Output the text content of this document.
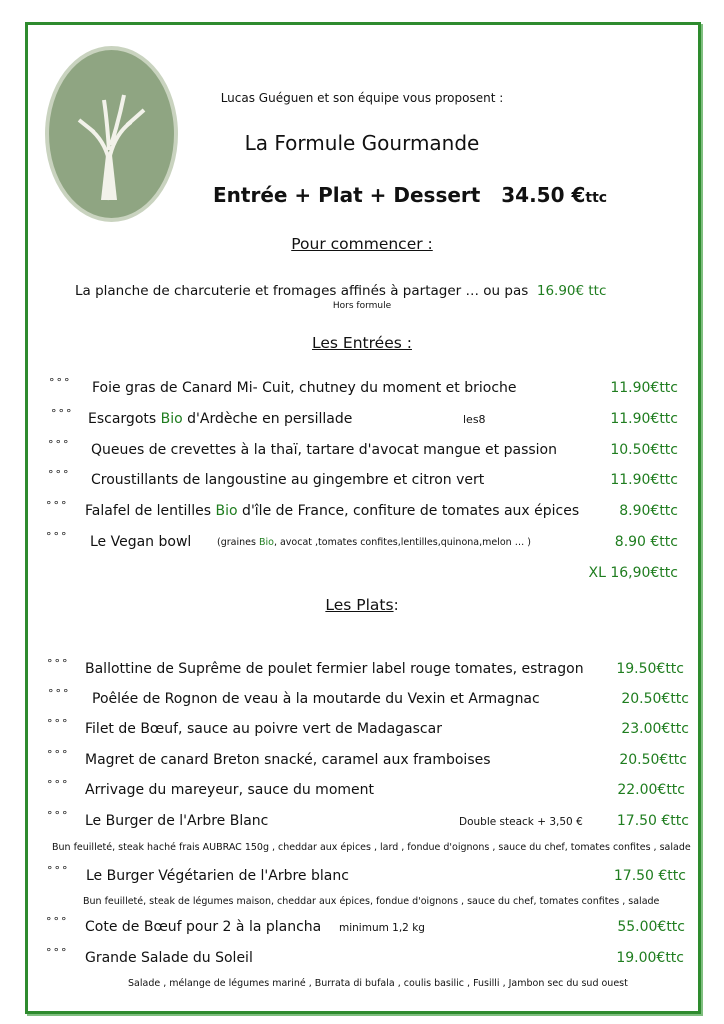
Lucas Guéguen et son équipe vous proposent :
La Formule Gourmande
Entrée + Plat + Dessert 34.50 €ttc
Pour commencer :
La planche de charcuterie et fromages affinés à partager … ou pas 16.90€ ttc
Hors formule
Les Entrées :
°°° Foie gras de Canard Mi- Cuit, chutney du moment et brioche	11.90€ttc
°°° Escargots Bio d'Ardèche en persillade	les8	11.90€ttc
°°° Queues de crevettes à la thaï, tartare d'avocat mangue et passion	10.50€ttc
°°° Croustillants de langoustine au gingembre et citron vert	11.90€ttc
°°° Falafel de lentilles Bio d'île de France, confiture de tomates aux épices	8.90€ttc
°°° Le Vegan bowl	(graines Bio, avocat ,tomates confites,lentilles,quinona,melon … )	8.90 €ttc
XL 16,90€ttc
Les Plats:
°°° Ballottine de Suprême de poulet fermier label rouge tomates, estragon	19.50€ttc
°°° Poêlée de Rognon de veau à la moutarde du Vexin et Armagnac	20.50€ttc
°°° Filet de Bœuf, sauce au poivre vert de Madagascar	23.00€ttc
°°° Magret de canard Breton snacké, caramel aux framboises	20.50€ttc
°°° Arrivage du mareyeur, sauce du moment	22.00€ttc
°°° Le Burger de l'Arbre Blanc	Double steack + 3,50 €	17.50 €ttc
Bun feuilleté, steak haché frais AUBRAC 150g , cheddar aux épices , lard , fondue d'oignons , sauce du chef, tomates confites , salade
°°° Le Burger Végétarien de l'Arbre blanc	17.50 €ttc
Bun feuilleté, steak de légumes maison, cheddar aux épices, fondue d'oignons , sauce du chef, tomates confites , salade
°°° Cote de Bœuf pour 2 à la plancha minimum 1,2 kg	55.00€ttc
°°° Grande Salade du Soleil	19.00€ttc
Salade , mélange de légumes mariné , Burrata di bufala , coulis basilic , Fusilli , Jambon sec du sud ouest
